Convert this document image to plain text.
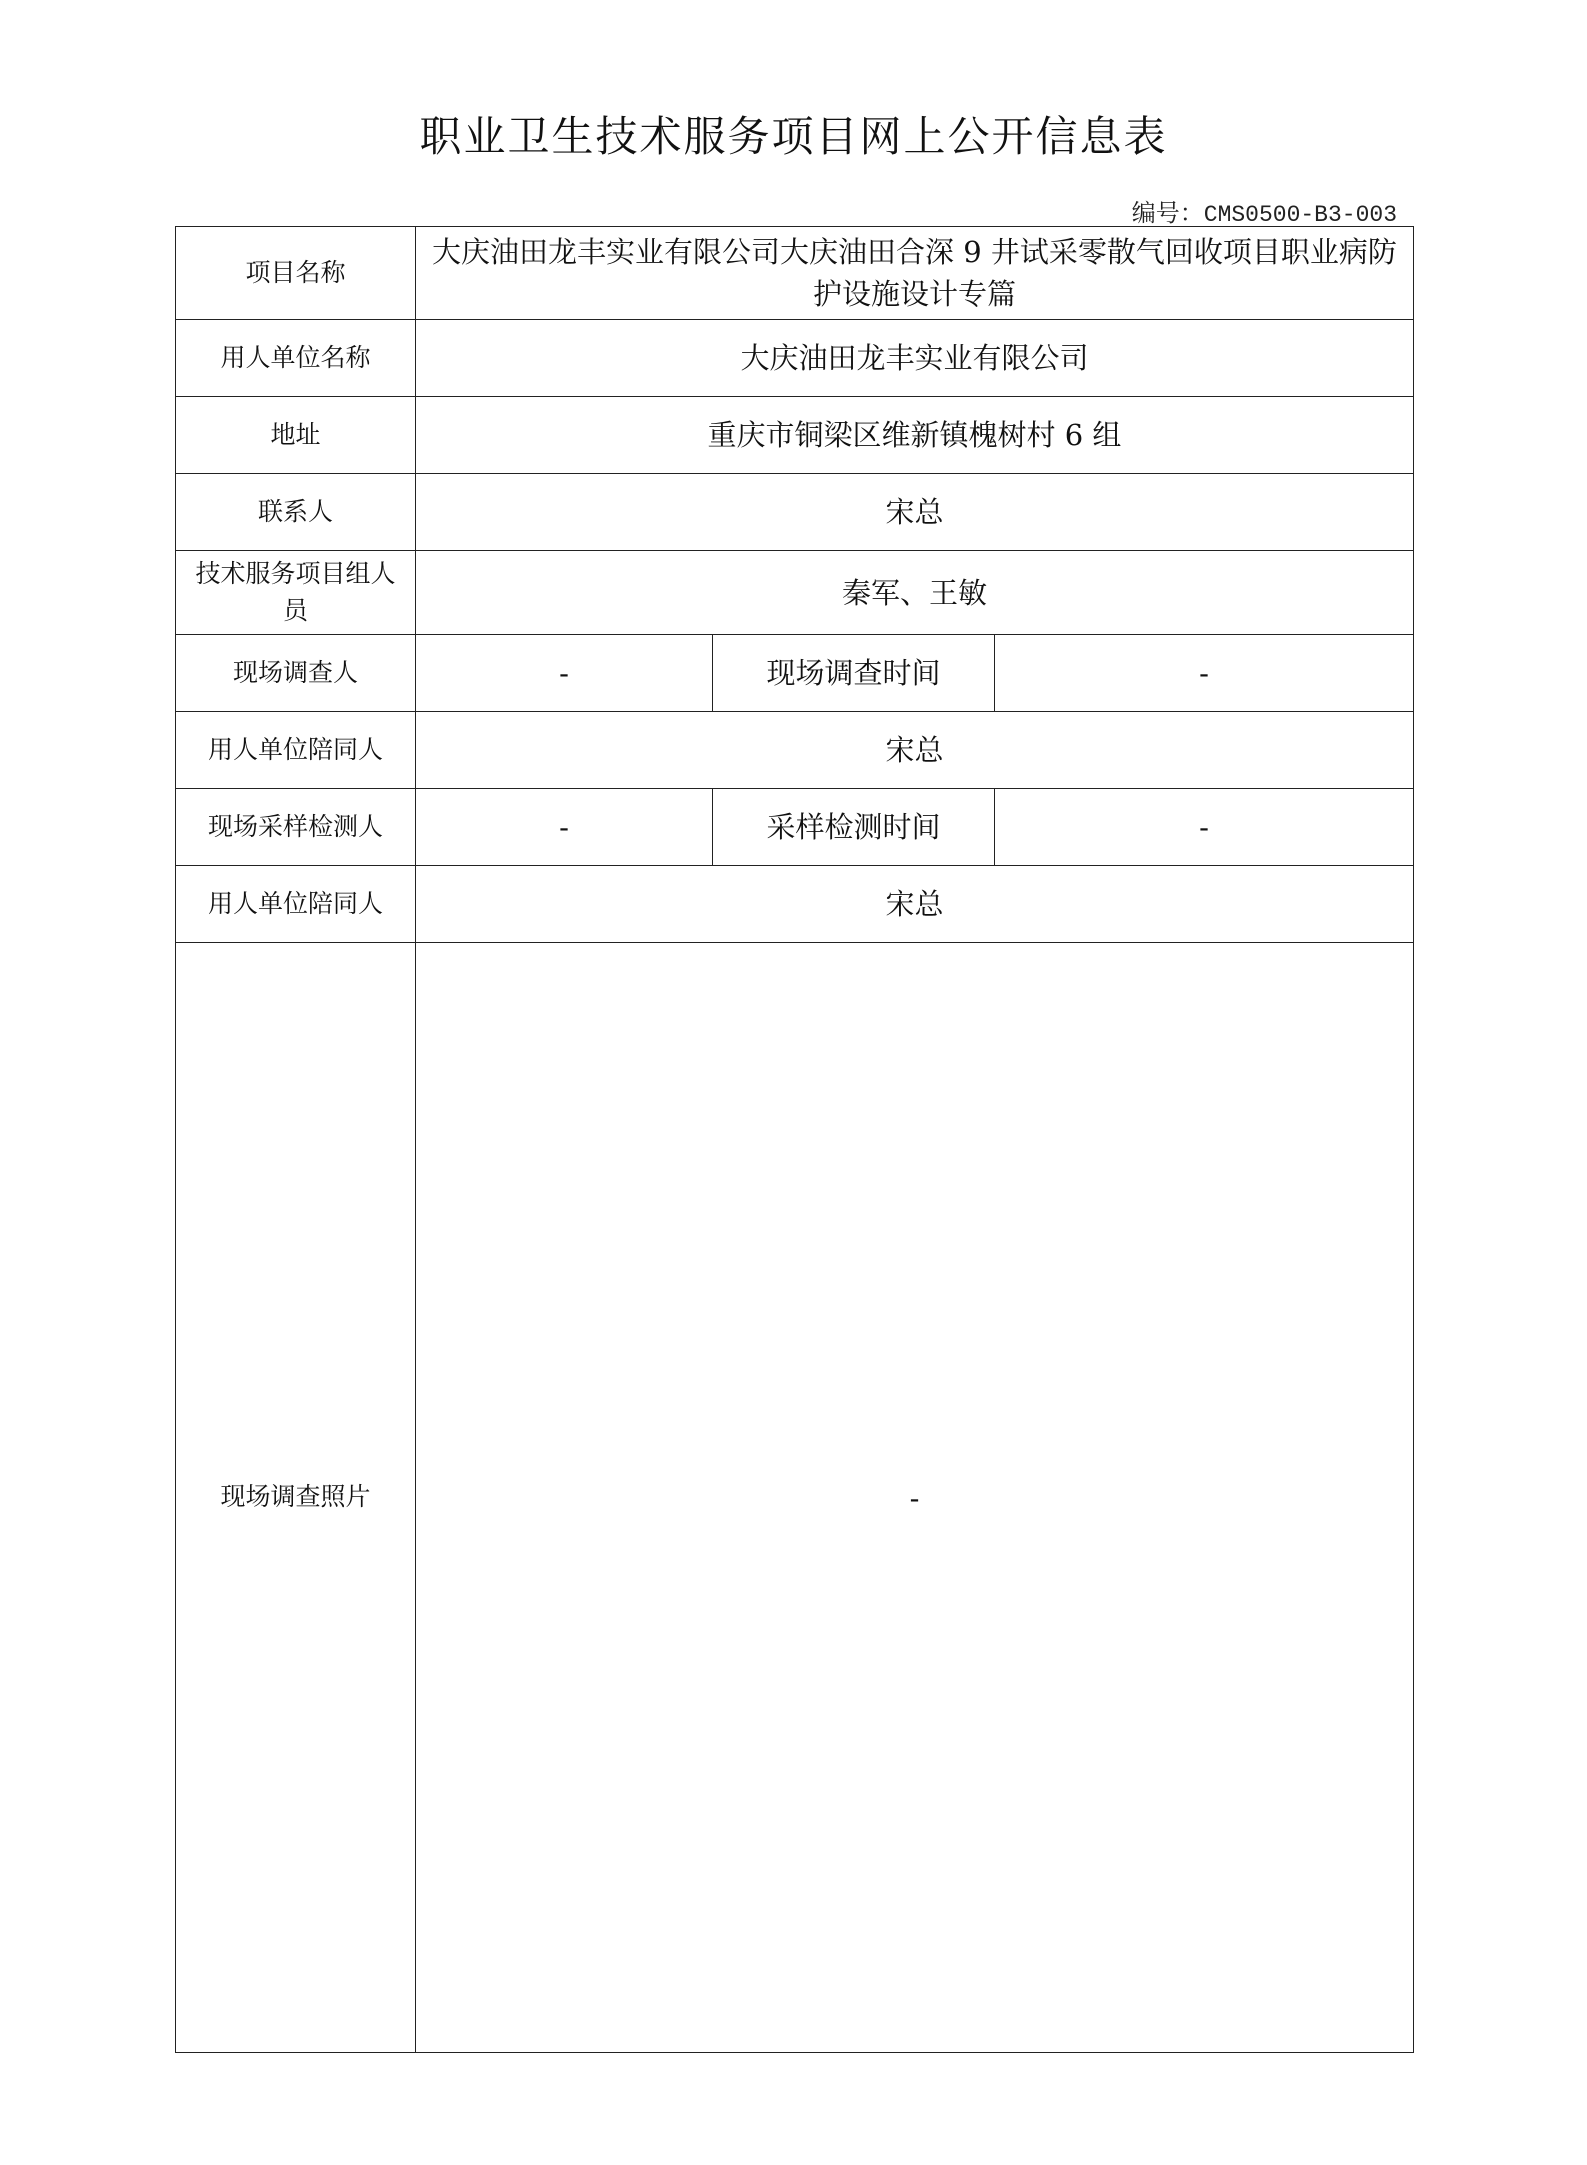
职业卫生技术服务项目网上公开信息表
编号：CMS0500-B3-003
项目名称	大庆油田龙丰实业有限公司大庆油田合深 9 井试采零散气回收项目职业病防护设施设计专篇		
用人单位名称	大庆油田龙丰实业有限公司		
地址	重庆市铜梁区维新镇槐树村 6 组		
联系人	宋总		
技术服务项目组人员	秦军、王敏		
现场调查人	-	现场调查时间	-
用人单位陪同人	宋总		
现场采样检测人	-	采样检测时间	-
用人单位陪同人	宋总		
现场调查照片	-		
